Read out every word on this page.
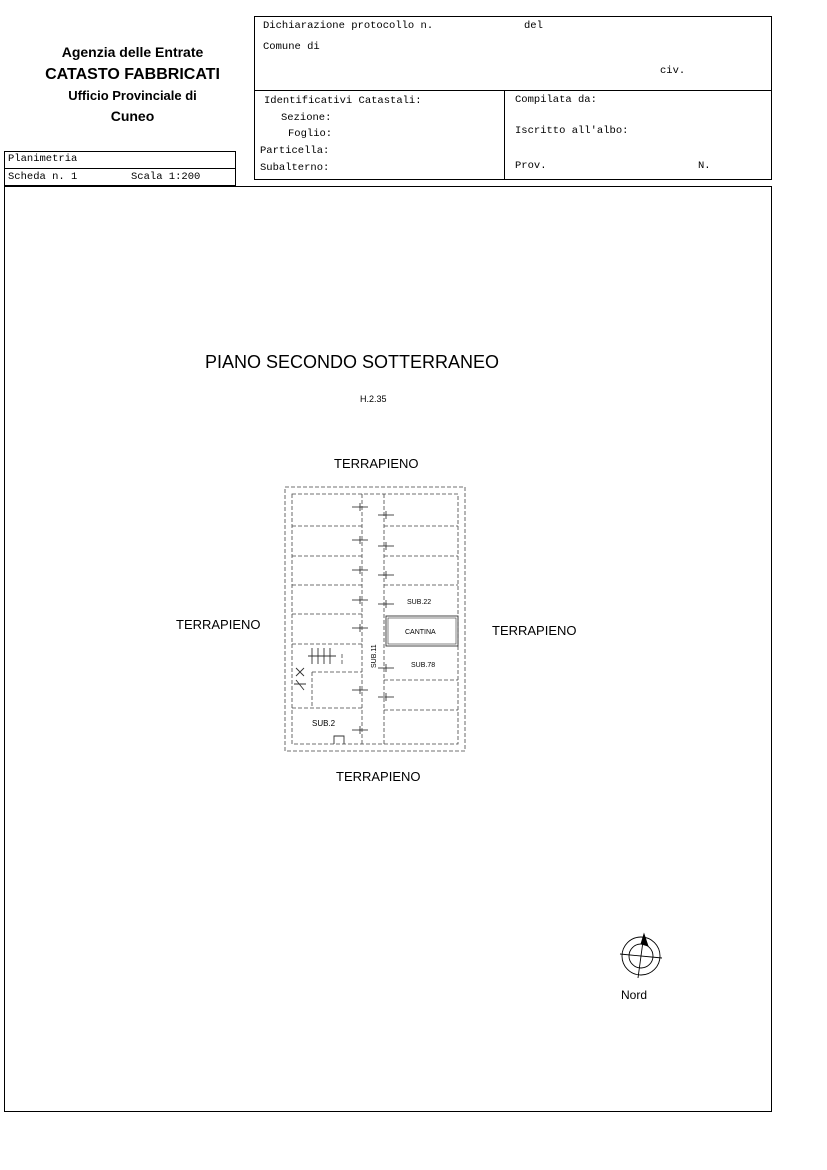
Agenzia delle Entrate
CATASTO FABBRICATI
Ufficio Provinciale di
Cuneo
Dichiarazione protocollo n.	del
Comune di
civ.
Identificativi Catastali:
Sezione:
Foglio:
Particella:
Subalterno:
Compilata da:
Iscritto all'albo:
Prov.	N.
Planimetria
Scheda n. 1	Scala 1:200
PIANO SECONDO SOTTERRANEO
H.2.35
TERRAPIENO
TERRAPIENO	TERRAPIENO
TERRAPIENO
SUB.22
CANTINA
SUB.78
SUB.11
SUB.2
Nord
